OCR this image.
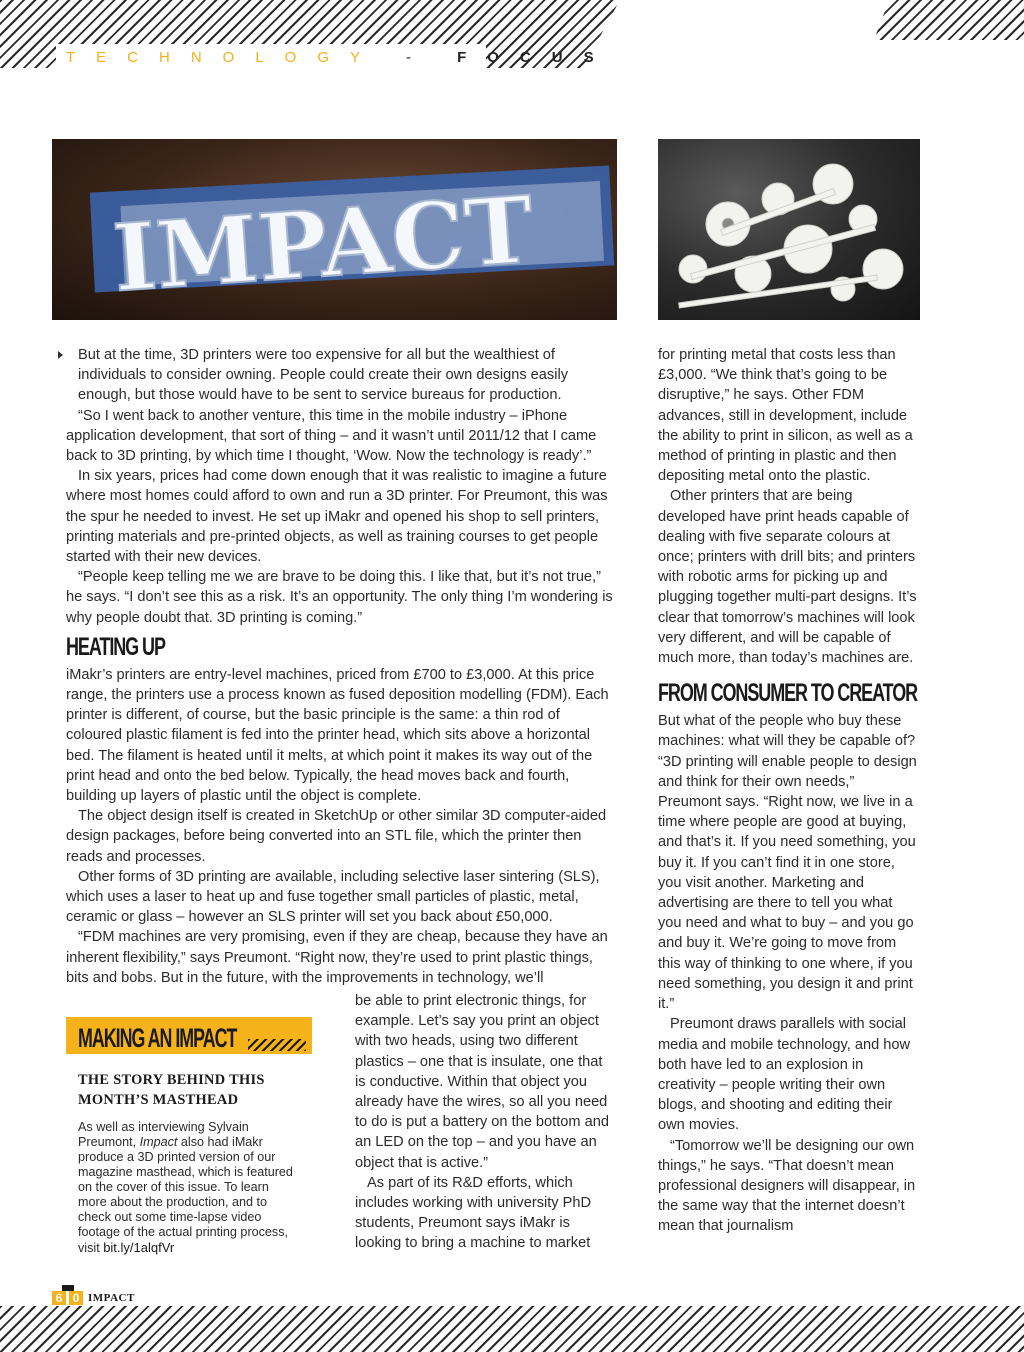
TECHNOLOGY - FOCUS
IMPACT

But at the time, 3D printers were too expensive for all but the wealthiest of individuals to consider owning. People could create their own designs easily enough, but those would have to be sent to service bureaus for production.

“So I went back to another venture, this time in the mobile industry – iPhone application development, that sort of thing – and it wasn’t until 2011/12 that I came back to 3D printing, by which time I thought, ‘Wow. Now the technology is ready’.”

In six years, prices had come down enough that it was realistic to imagine a future where most homes could afford to own and run a 3D printer. For Preumont, this was the spur he needed to invest. He set up iMakr and opened his shop to sell printers, printing materials and pre-printed objects, as well as training courses to get people started with their new devices.

“People keep telling me we are brave to be doing this. I like that, but it’s not true,” he says. “I don’t see this as a risk. It’s an opportunity. The only thing I’m wondering is why people doubt that. 3D printing is coming.”

HEATING UP

iMakr’s printers are entry-level machines, priced from £700 to £3,000. At this price range, the printers use a process known as fused deposition modelling (FDM). Each printer is different, of course, but the basic principle is the same: a thin rod of coloured plastic filament is fed into the printer head, which sits above a horizontal bed. The filament is heated until it melts, at which point it makes its way out of the print head and onto the bed below. Typically, the head moves back and fourth, building up layers of plastic until the object is complete.

The object design itself is created in SketchUp or other similar 3D computer-aided design packages, before being converted into an STL file, which the printer then reads and processes.

Other forms of 3D printing are available, including selective laser sintering (SLS), which uses a laser to heat up and fuse together small particles of plastic, metal, ceramic or glass – however an SLS printer will set you back about £50,000.

“FDM machines are very promising, even if they are cheap, because they have an inherent flexibility,” says Preumont. “Right now, they’re used to print plastic things, bits and bobs. But in the future, with the improvements in technology, we’ll

be able to print electronic things, for example. Let’s say you print an object with two heads, using two different plastics – one that is insulate, one that is conductive. Within that object you already have the wires, so all you need to do is put a battery on the bottom and an LED on the top – and you have an object that is active.”

As part of its R&D efforts, which includes working with university PhD students, Preumont says iMakr is looking to bring a machine to market

for printing metal that costs less than £3,000. “We think that’s going to be disruptive,” he says. Other FDM advances, still in development, include the ability to print in silicon, as well as a method of printing in plastic and then depositing metal onto the plastic.

Other printers that are being developed have print heads capable of dealing with five separate colours at once; printers with drill bits; and printers with robotic arms for picking up and plugging together multi-part designs. It’s clear that tomorrow’s machines will look very different, and will be capable of much more, than today’s machines are.

FROM CONSUMER TO CREATOR

But what of the people who buy these machines: what will they be capable of? “3D printing will enable people to design and think for their own needs,” Preumont says. “Right now, we live in a time where people are good at buying, and that’s it. If you need something, you buy it. If you can’t find it in one store, you visit another. Marketing and advertising are there to tell you what you need and what to buy – and you go and buy it. We’re going to move from this way of thinking to one where, if you need something, you design it and print it.”

Preumont draws parallels with social media and mobile technology, and how both have led to an explosion in creativity – people writing their own blogs, and shooting and editing their own movies.

“Tomorrow we’ll be designing our own things,” he says. “That doesn’t mean professional designers will disappear, in the same way that the internet doesn’t mean that journalism

MAKING AN IMPACT
THE STORY BEHIND THIS MONTH’S MASTHEAD
As well as interviewing Sylvain Preumont, Impact also had iMakr produce a 3D printed version of our magazine masthead, which is featured on the cover of this issue. To learn more about the production, and to check out some time-lapse video footage of the actual printing process, visit bit.ly/1alqfVr
6 0 IMPACT
